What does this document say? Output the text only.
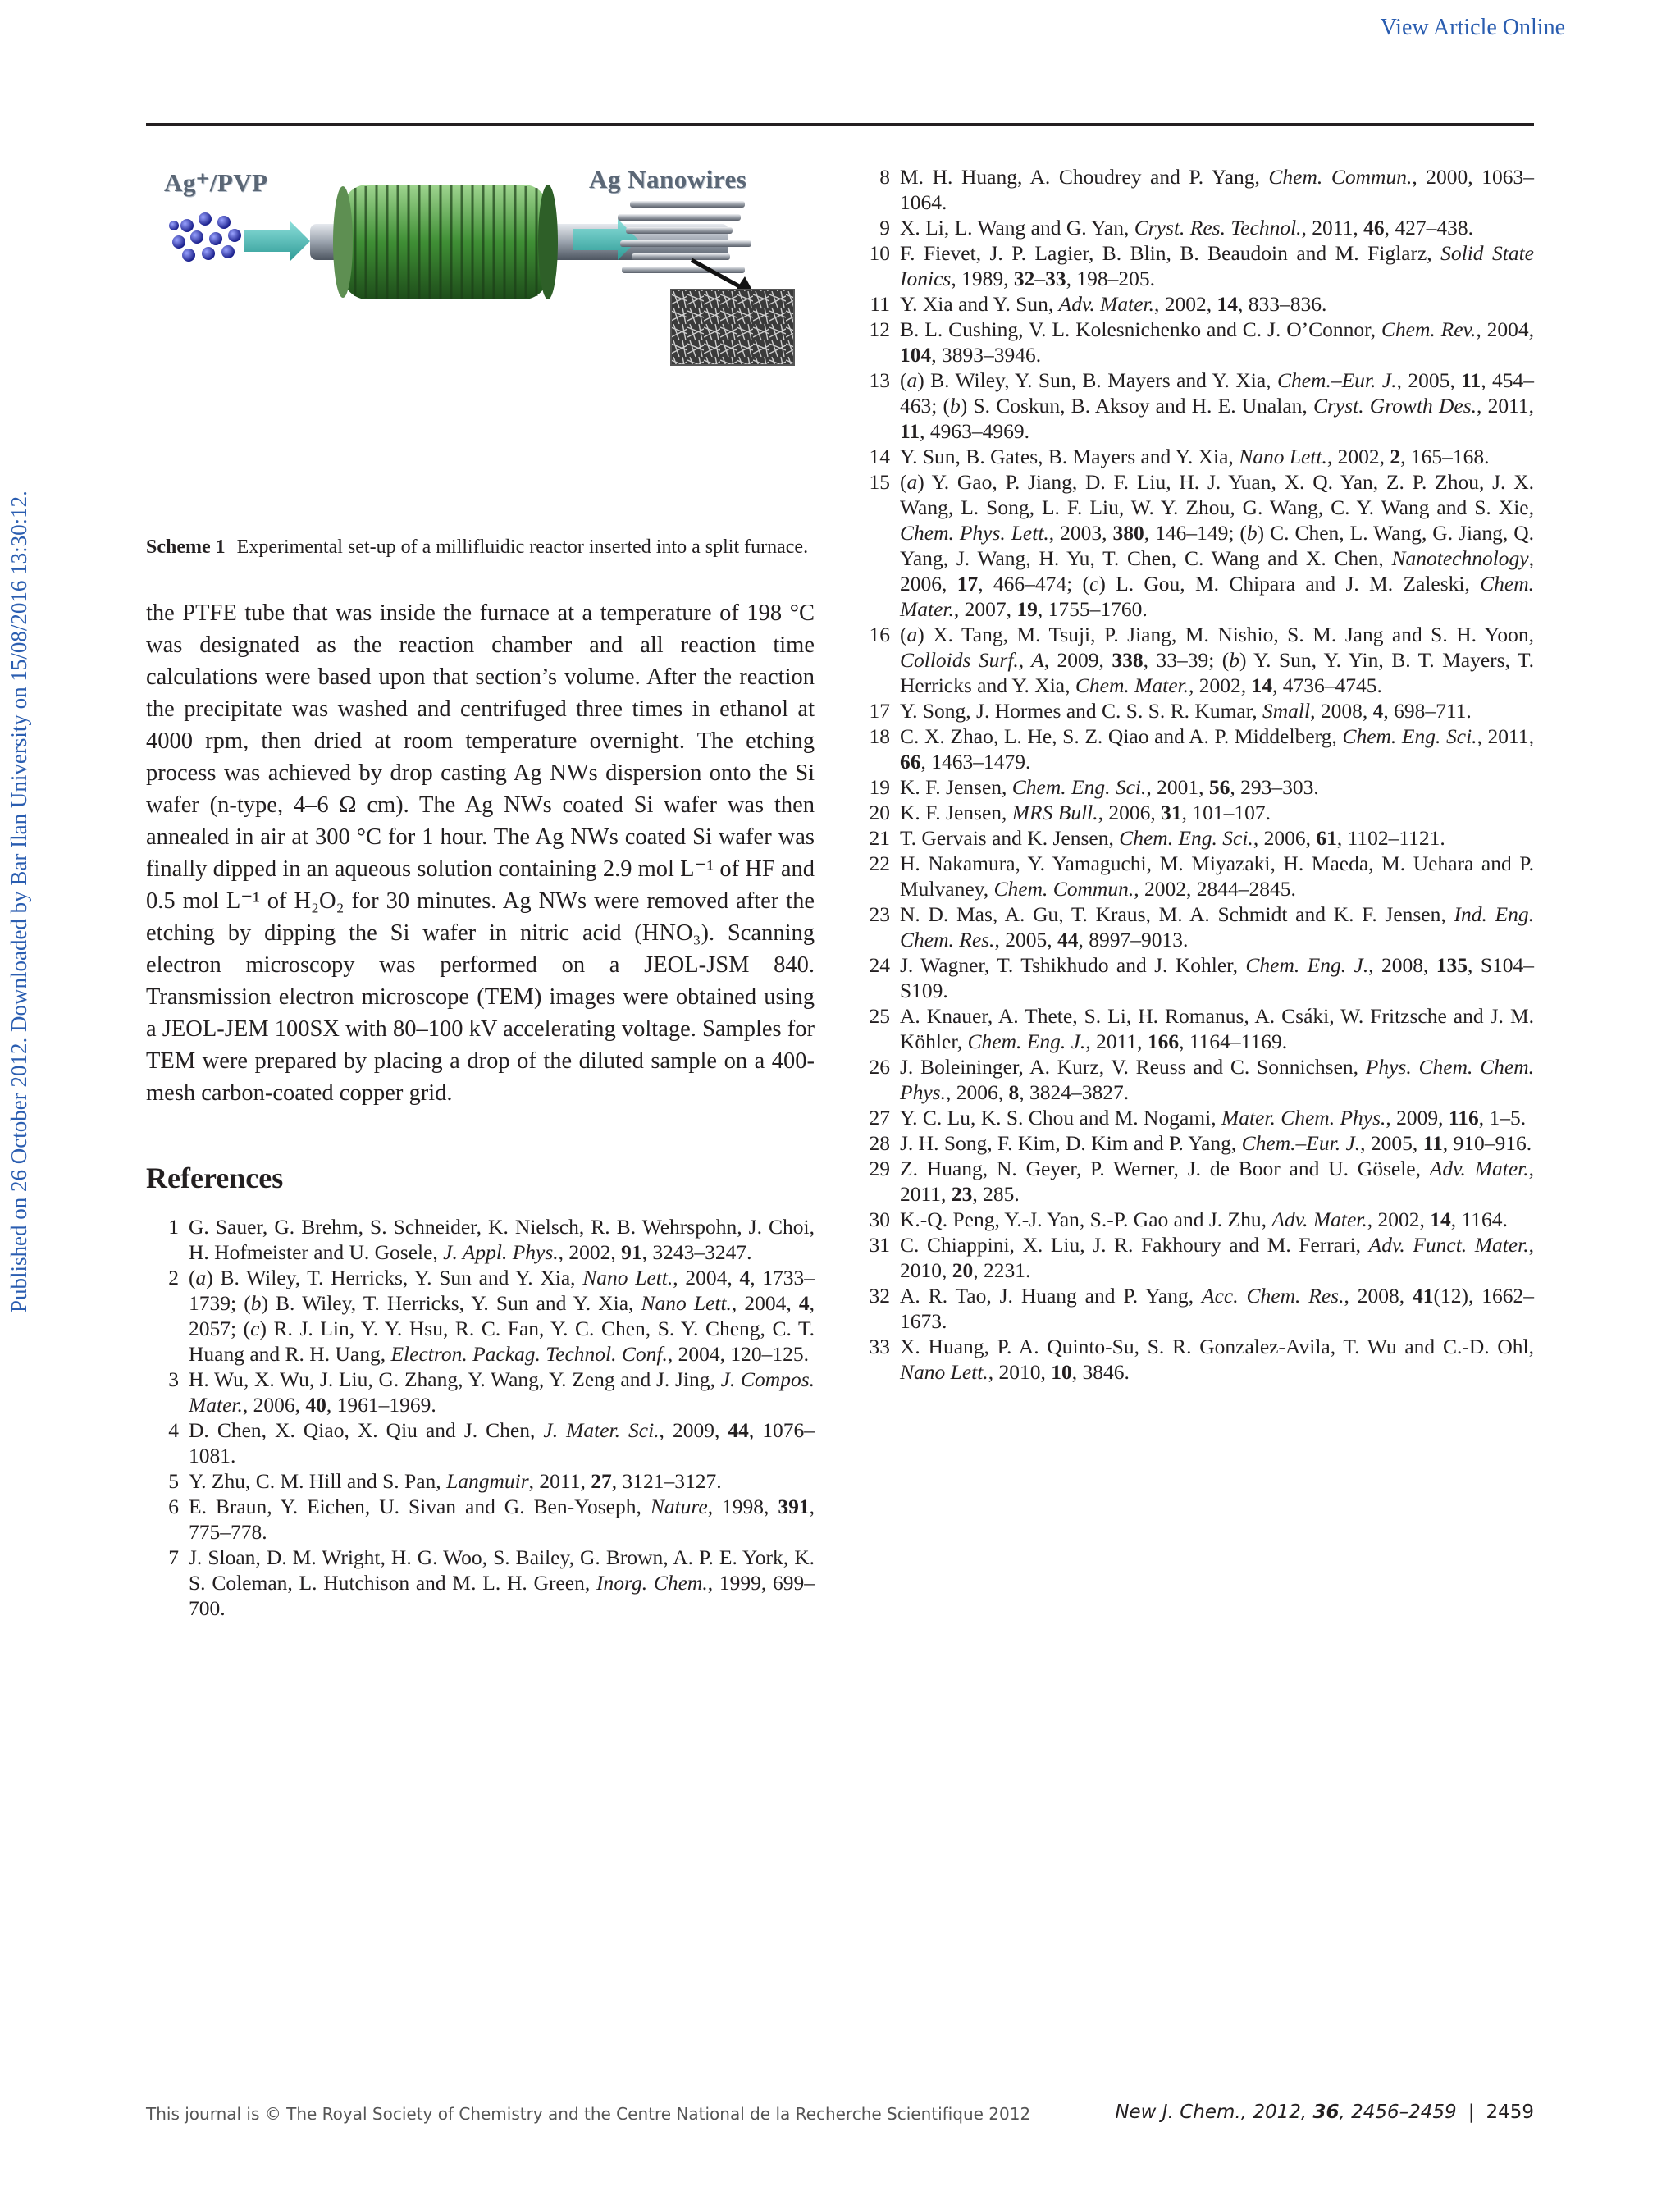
View Article Online
Published on 26 October 2012. Downloaded by Bar Ilan University on 15/08/2016 13:30:12.
Ag⁺/PVP	Ag Nanowires
Scheme 1 Experimental set-up of a millifluidic reactor inserted into a split furnace.

the PTFE tube that was inside the furnace at a temperature of 198 °C was designated as the reaction chamber and all reaction time calculations were based upon that section’s volume. After the reaction the precipitate was washed and centrifuged three times in ethanol at 4000 rpm, then dried at room temperature overnight. The etching process was achieved by drop casting Ag NWs dispersion onto the Si wafer (n-type, 4–6 Ω cm). The Ag NWs coated Si wafer was then annealed in air at 300 °C for 1 hour. The Ag NWs coated Si wafer was finally dipped in an aqueous solution containing 2.9 mol L⁻¹ of HF and 0.5 mol L⁻¹ of H₂O₂ for 30 minutes. Ag NWs were removed after the etching by dipping the Si wafer in nitric acid (HNO₃). Scanning electron microscopy was performed on a JEOL-JSM 840. Transmission electron microscope (TEM) images were obtained using a JEOL-JEM 100SX with 80–100 kV accelerating voltage. Samples for TEM were prepared by placing a drop of the diluted sample on a 400-mesh carbon-coated copper grid.

References
1 G. Sauer, G. Brehm, S. Schneider, K. Nielsch, R. B. Wehrspohn, J. Choi, H. Hofmeister and U. Gosele, J. Appl. Phys., 2002, 91, 3243–3247.
2 (a) B. Wiley, T. Herricks, Y. Sun and Y. Xia, Nano Lett., 2004, 4, 1733–1739; (b) B. Wiley, T. Herricks, Y. Sun and Y. Xia, Nano Lett., 2004, 4, 2057; (c) R. J. Lin, Y. Y. Hsu, R. C. Fan, Y. C. Chen, S. Y. Cheng, C. T. Huang and R. H. Uang, Electron. Packag. Technol. Conf., 2004, 120–125.
3 H. Wu, X. Wu, J. Liu, G. Zhang, Y. Wang, Y. Zeng and J. Jing, J. Compos. Mater., 2006, 40, 1961–1969.
4 D. Chen, X. Qiao, X. Qiu and J. Chen, J. Mater. Sci., 2009, 44, 1076–1081.
5 Y. Zhu, C. M. Hill and S. Pan, Langmuir, 2011, 27, 3121–3127.
6 E. Braun, Y. Eichen, U. Sivan and G. Ben-Yoseph, Nature, 1998, 391, 775–778.
7 J. Sloan, D. M. Wright, H. G. Woo, S. Bailey, G. Brown, A. P. E. York, K. S. Coleman, L. Hutchison and M. L. H. Green, Inorg. Chem., 1999, 699–700.
8 M. H. Huang, A. Choudrey and P. Yang, Chem. Commun., 2000, 1063–1064.
9 X. Li, L. Wang and G. Yan, Cryst. Res. Technol., 2011, 46, 427–438.
10 F. Fievet, J. P. Lagier, B. Blin, B. Beaudoin and M. Figlarz, Solid State Ionics, 1989, 32–33, 198–205.
11 Y. Xia and Y. Sun, Adv. Mater., 2002, 14, 833–836.
12 B. L. Cushing, V. L. Kolesnichenko and C. J. O’Connor, Chem. Rev., 2004, 104, 3893–3946.
13 (a) B. Wiley, Y. Sun, B. Mayers and Y. Xia, Chem.–Eur. J., 2005, 11, 454–463; (b) S. Coskun, B. Aksoy and H. E. Unalan, Cryst. Growth Des., 2011, 11, 4963–4969.
14 Y. Sun, B. Gates, B. Mayers and Y. Xia, Nano Lett., 2002, 2, 165–168.
15 (a) Y. Gao, P. Jiang, D. F. Liu, H. J. Yuan, X. Q. Yan, Z. P. Zhou, J. X. Wang, L. Song, L. F. Liu, W. Y. Zhou, G. Wang, C. Y. Wang and S. Xie, Chem. Phys. Lett., 2003, 380, 146–149; (b) C. Chen, L. Wang, G. Jiang, Q. Yang, J. Wang, H. Yu, T. Chen, C. Wang and X. Chen, Nanotechnology, 2006, 17, 466–474; (c) L. Gou, M. Chipara and J. M. Zaleski, Chem. Mater., 2007, 19, 1755–1760.
16 (a) X. Tang, M. Tsuji, P. Jiang, M. Nishio, S. M. Jang and S. H. Yoon, Colloids Surf., A, 2009, 338, 33–39; (b) Y. Sun, Y. Yin, B. T. Mayers, T. Herricks and Y. Xia, Chem. Mater., 2002, 14, 4736–4745.
17 Y. Song, J. Hormes and C. S. S. R. Kumar, Small, 2008, 4, 698–711.
18 C. X. Zhao, L. He, S. Z. Qiao and A. P. Middelberg, Chem. Eng. Sci., 2011, 66, 1463–1479.
19 K. F. Jensen, Chem. Eng. Sci., 2001, 56, 293–303.
20 K. F. Jensen, MRS Bull., 2006, 31, 101–107.
21 T. Gervais and K. Jensen, Chem. Eng. Sci., 2006, 61, 1102–1121.
22 H. Nakamura, Y. Yamaguchi, M. Miyazaki, H. Maeda, M. Uehara and P. Mulvaney, Chem. Commun., 2002, 2844–2845.
23 N. D. Mas, A. Gu, T. Kraus, M. A. Schmidt and K. F. Jensen, Ind. Eng. Chem. Res., 2005, 44, 8997–9013.
24 J. Wagner, T. Tshikhudo and J. Kohler, Chem. Eng. J., 2008, 135, S104–S109.
25 A. Knauer, A. Thete, S. Li, H. Romanus, A. Csáki, W. Fritzsche and J. M. Köhler, Chem. Eng. J., 2011, 166, 1164–1169.
26 J. Boleininger, A. Kurz, V. Reuss and C. Sonnichsen, Phys. Chem. Chem. Phys., 2006, 8, 3824–3827.
27 Y. C. Lu, K. S. Chou and M. Nogami, Mater. Chem. Phys., 2009, 116, 1–5.
28 J. H. Song, F. Kim, D. Kim and P. Yang, Chem.–Eur. J., 2005, 11, 910–916.
29 Z. Huang, N. Geyer, P. Werner, J. de Boor and U. Gösele, Adv. Mater., 2011, 23, 285.
30 K.-Q. Peng, Y.-J. Yan, S.-P. Gao and J. Zhu, Adv. Mater., 2002, 14, 1164.
31 C. Chiappini, X. Liu, J. R. Fakhoury and M. Ferrari, Adv. Funct. Mater., 2010, 20, 2231.
32 A. R. Tao, J. Huang and P. Yang, Acc. Chem. Res., 2008, 41(12), 1662–1673.
33 X. Huang, P. A. Quinto-Su, S. R. Gonzalez-Avila, T. Wu and C.-D. Ohl, Nano Lett., 2010, 10, 3846.
This journal is © The Royal Society of Chemistry and the Centre National de la Recherche Scientifique 2012	New J. Chem., 2012, 36, 2456–2459 | 2459
